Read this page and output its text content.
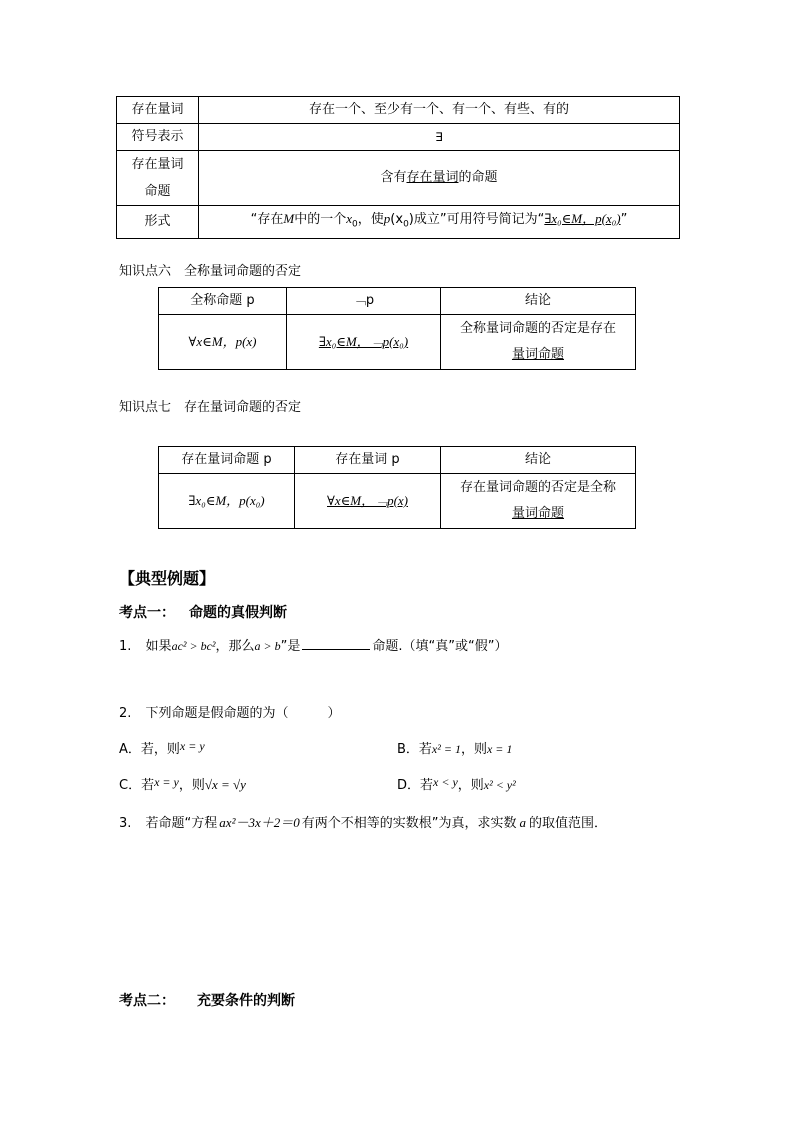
存在量词	存在一个、至少有一个、有一个、有些、有的
符号表示	∃

存在量词
命题	含有存在量词的命题
形式	“存在M中的一个$x_0$，使$p(x_0)$成立”可用符号简记为“∃x₀∈M，p(x₀)”
知识点六　全称量词命题的否定
全称命题 p	﹁p	结论
∀x∈M，p(x)	∃x₀∈M，﹁p(x₀)	全称量词命题的否定是存在
量词命题
知识点七　存在量词命题的否定
存在量词命题 p	存在量词 p	结论
∃x₀∈M，p(x₀)	∀x∈M，﹁p(x)	存在量词命题的否定是全称
量词命题
【典型例题】
考点一： 命题的真假判断
1. 如果ac² > bc²，那么a > b”是	命题.（填“真”或“假”）
2. 下列命题是假命题的为（　　　）
A．若，则x = y	B．若x² = 1，则x = 1
C．若x = y，则√x = √y	D．若x < y，则x² < y²
3. 若命题“方程 ax²－3x＋2＝0 有两个不相等的实数根”为真，求实数 a 的取值范围．
考点二： 充要条件的判断
